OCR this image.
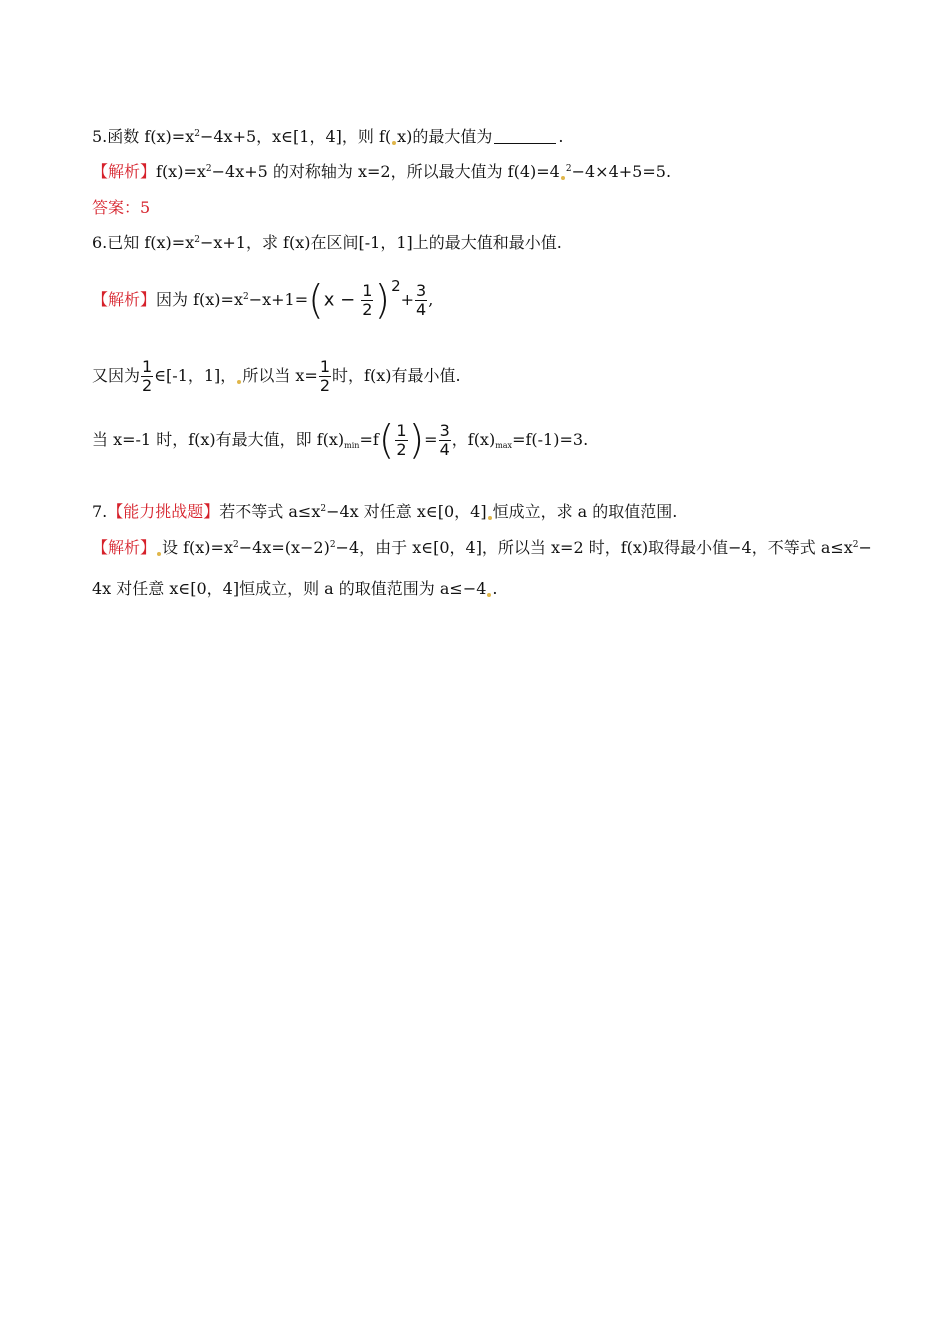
5.函数 $f(x)=x^2-4x+5$，x∈[1，4]，则 f( x)的最大值为	.
【解析】$f(x)=x^2-4x+5$ 的对称轴为 x=2，所以最大值为 f(4)=4 $^2$−4×4+5=5.
答案：5
6.已知 $f(x)=x^2-x+1$，求 f(x)在区间[-1，1]上的最大值和最小值.
【解析】因为 $f(x)=x^2-x+1=(x - \frac{1}{2} )2+ \frac{3}{4}$ ,
又因为 $\frac{1}{2}$ ∈[-1，1]， 所以当 $x= \frac{1}{2}$ 时，f(x)有最小值.
当 x=-1 时，f(x)有最大值，即 $f(x)_{min}=f( \frac{1}{2}$ )= $\frac{3}{4}$ ，$f(x)_{max}=f(-1)=3$.
7.【能力挑战题】若不等式 $a\le x^2-4x$ 对任意 x∈[0，4] 恒成立，求 a 的取值范围.
【解析】 设 $f(x)=x^2-4x=(x-2)^2-4$，由于 x∈[0，4]，所以当 x=2 时，f(x)取得最小值−4，不等式 $a\le x^2-$
4x 对任意 x∈[0，4]恒成立，则 a 的取值范围为 a≤−4 .
